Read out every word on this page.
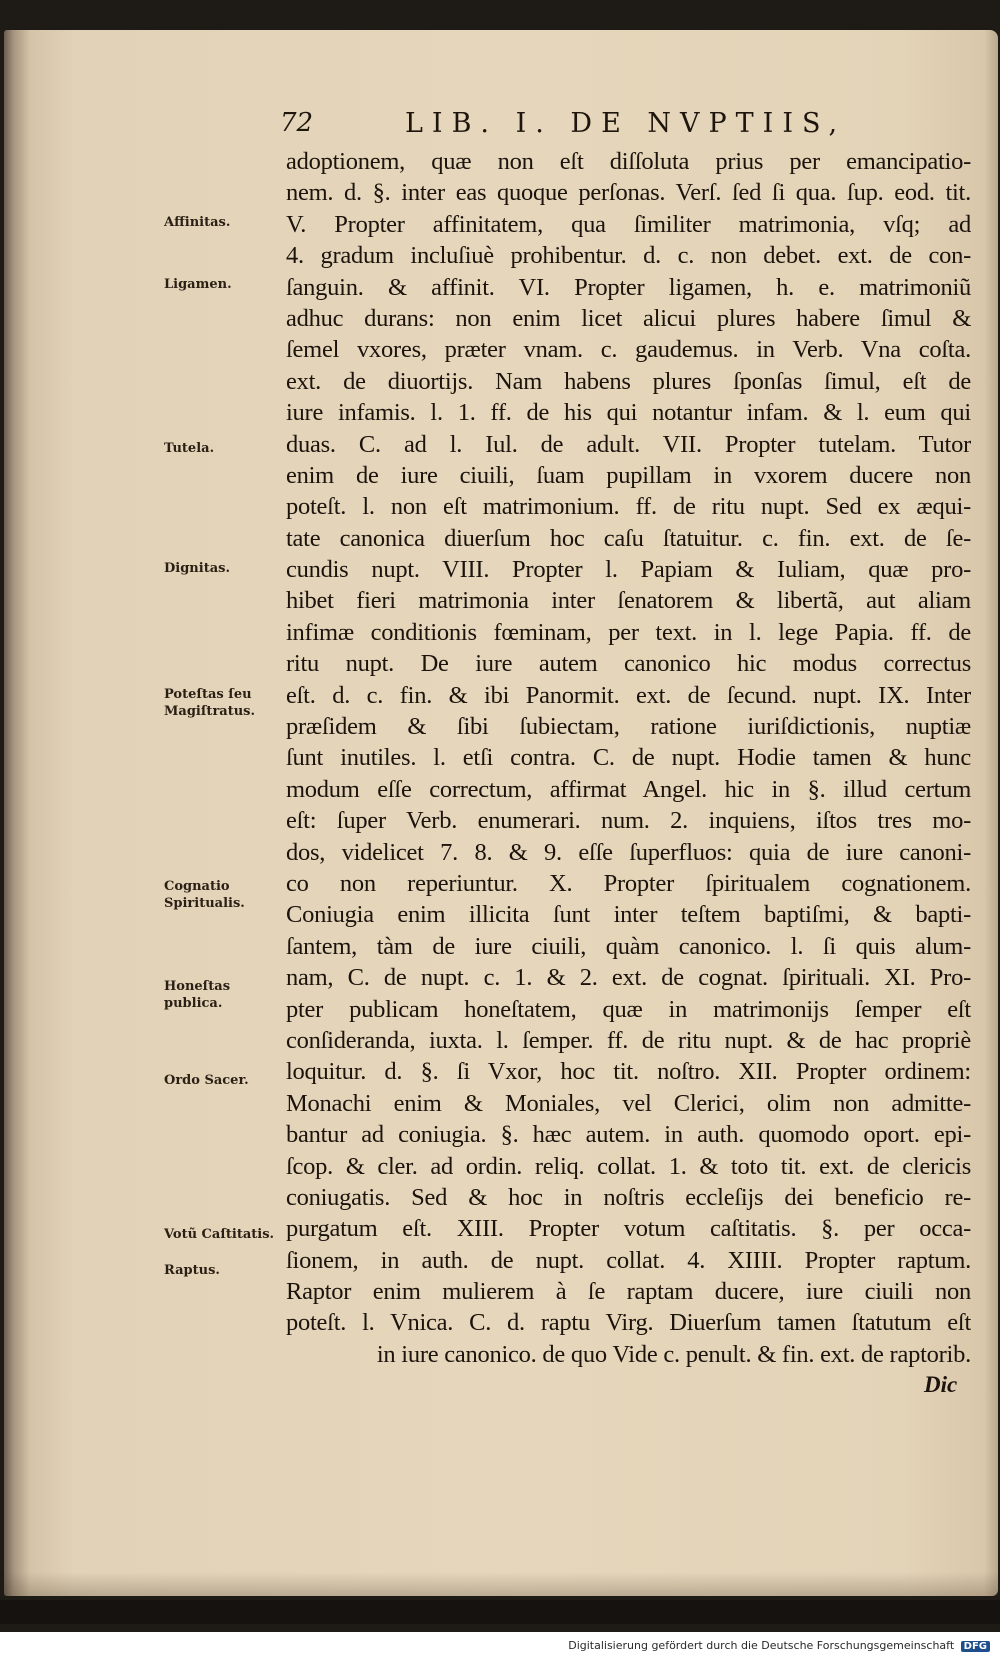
72	LIB. I. DE NVPTIIS,
Affinitas.
Ligamen.
Tutela.
Dignitas.
Poteſtas ſeu Magiſtratus.
Cognatio Spiritualis.
Honeſtas publica.
Ordo Sacer.
Votũ Caſtitatis.
Raptus.
adoptionem, quæ non eſt diſſoluta prius per emancipatio-
nem. d. §. inter eas quoque perſonas. Verſ. ſed ſi qua. ſup. eod. tit.
V. Propter affinitatem, qua ſimiliter matrimonia, vſq; ad
4. gradum incluſiuè prohibentur. d. c. non debet. ext. de con-
ſanguin. & affinit. VI. Propter ligamen, h. e. matrimoniũ
adhuc durans: non enim licet alicui plures habere ſimul &
ſemel vxores, præter vnam. c. gaudemus. in Verb. Vna coſta.
ext. de diuortijs. Nam habens plures ſponſas ſimul, eſt de
iure infamis. l. 1. ff. de his qui notantur infam. & l. eum qui
duas. C. ad l. Iul. de adult. VII. Propter tutelam. Tutor
enim de iure ciuili, ſuam pupillam in vxorem ducere non
poteſt. l. non eſt matrimonium. ff. de ritu nupt. Sed ex æqui-
tate canonica diuerſum hoc caſu ſtatuitur. c. fin. ext. de ſe-
cundis nupt. VIII. Propter l. Papiam & Iuliam, quæ pro-
hibet fieri matrimonia inter ſenatorem & libertã, aut aliam
infimæ conditionis fœminam, per text. in l. lege Papia. ff. de
ritu nupt. De iure autem canonico hic modus correctus
eſt. d. c. fin. & ibi Panormit. ext. de ſecund. nupt. IX. Inter
præſidem & ſibi ſubiectam, ratione iuriſdictionis, nuptiæ
ſunt inutiles. l. etſi contra. C. de nupt. Hodie tamen & hunc
modum eſſe correctum, affirmat Angel. hic in §. illud certum
eſt: ſuper Verb. enumerari. num. 2. inquiens, iſtos tres mo-
dos, videlicet 7. 8. & 9. eſſe ſuperfluos: quia de iure canoni-
co non reperiuntur. X. Propter ſpiritualem cognationem.
Coniugia enim illicita ſunt inter teſtem baptiſmi, & bapti-
ſantem, tàm de iure ciuili, quàm canonico. l. ſi quis alum-
nam, C. de nupt. c. 1. & 2. ext. de cognat. ſpirituali. XI. Pro-
pter publicam honeſtatem, quæ in matrimonijs ſemper eſt
conſideranda, iuxta. l. ſemper. ff. de ritu nupt. & de hac propriè
loquitur. d. §. ſi Vxor, hoc tit. noſtro. XII. Propter ordinem:
Monachi enim & Moniales, vel Clerici, olim non admitte-
bantur ad coniugia. §. hæc autem. in auth. quomodo oport. epi-
ſcop. & cler. ad ordin. reliq. collat. 1. & toto tit. ext. de clericis
coniugatis. Sed & hoc in noſtris eccleſijs dei beneficio re-
purgatum eſt. XIII. Propter votum caſtitatis. §. per occa-
ſionem, in auth. de nupt. collat. 4. XIIII. Propter raptum.
Raptor enim mulierem à ſe raptam ducere, iure ciuili non
poteſt. l. Vnica. C. d. raptu Virg. Diuerſum tamen ſtatutum eſt
in iure canonico. de quo Vide c. penult. & fin. ext. de raptorib.
Dic
Digitalisierung gefördert durch die Deutsche Forschungsgemeinschaft DFG
